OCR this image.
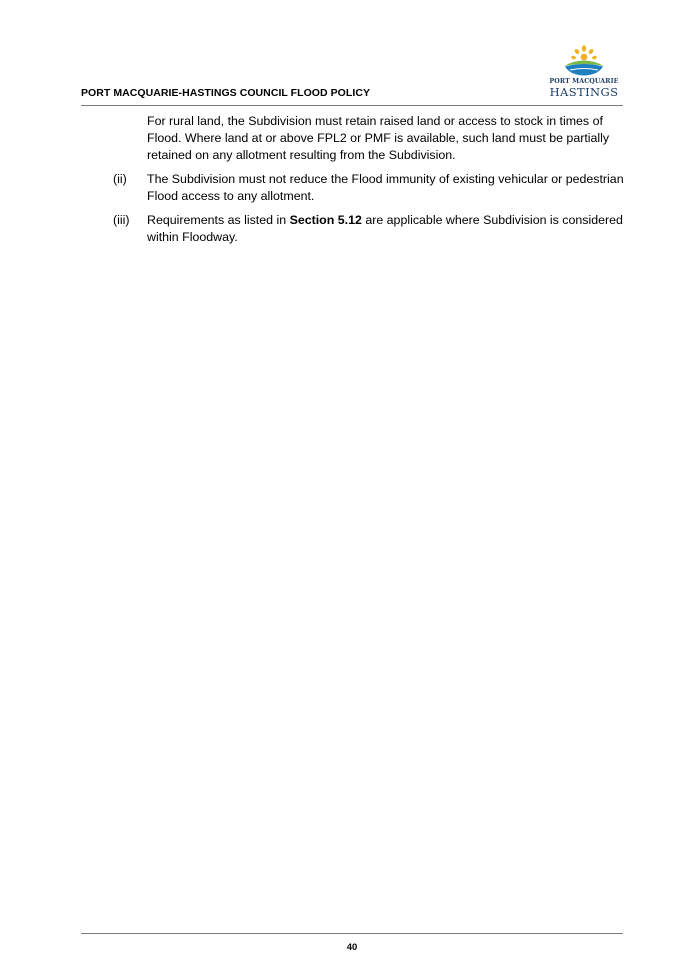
PORT MACQUARIE-HASTINGS COUNCIL FLOOD POLICY
PORT MACQUARIE
HASTINGS

For rural land, the Subdivision must retain raised land or access to stock in times of Flood. Where land at or above FPL2 or PMF is available, such land must be partially retained on any allotment resulting from the Subdivision.

(ii) The Subdivision must not reduce the Flood immunity of existing vehicular or pedestrian Flood access to any allotment.
(iii) Requirements as listed in Section 5.12 are applicable where Subdivision is considered within Floodway.
40
